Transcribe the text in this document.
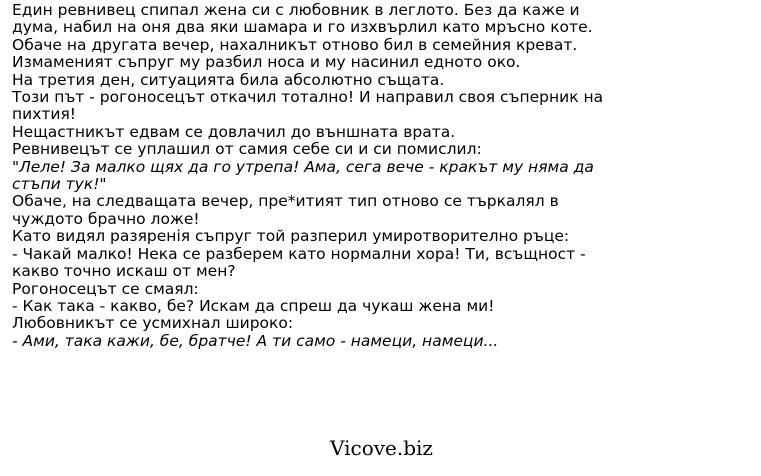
Един ревнивец спипал жена си с любовник в леглото. Без да каже и
дума, набил на оня два яки шамара и го изхвърлил като мръсно коте.
Обаче на другата вечер, нахалникът отново бил в семейния креват.
Измамeният съпруг му разбил носа и му насинил едното око.
На третия ден, ситуацията била абсолютно същата.
Този път - рогоносецът откачил тотално! И направил своя съперник на
пихтия!
Нещастникът едвам се довлачил до външната врата.
Ревнивецът се уплашил от самия себе си и си помислил:
"Леле! За малко щях да го утрепа! Ама, сега вече - кракът му няма да
стъпи тук!"
Обаче, на следващата вечер, пре*итият тип отново се търкалял в
чуждото брачно ложе!
Като видял разяренія съпруг той разперил умиротворително ръце:
- Чакай малко! Нека се разберем като нормални хора! Ти, всъщност -
какво точно искаш от мен?
Рогоносецът се смаял:
- Как така - какво, бе? Искам да спреш да чукаш жена ми!
Любовникът се усмихнал широко:
- Ами, така кажи, бе, братче! А ти само - намеци, намеци...
Vicove.biz
